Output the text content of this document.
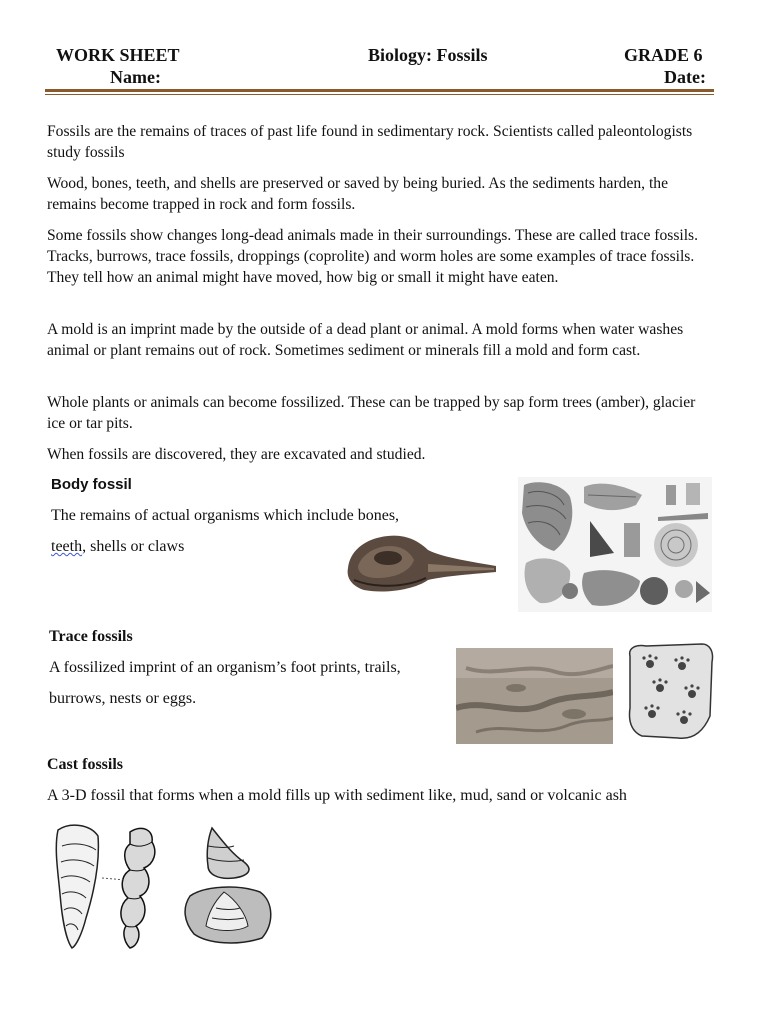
WORK SHEET	Biology: Fossils	GRADE 6
Name:	Date:
Fossils are the remains of traces of past life found in sedimentary rock. Scientists called paleontologists study fossils
Wood, bones, teeth, and shells are preserved or saved by being buried. As the sediments harden, the remains become trapped in rock and form fossils.
Some fossils show changes long-dead animals made in their surroundings. These are called trace fossils. Tracks, burrows, trace fossils, droppings (coprolite) and worm holes are some examples of trace fossils. They tell how an animal might have moved, how big or small it might have eaten.
A mold is an imprint made by the outside of a dead plant or animal. A mold forms when water washes animal or plant remains out of rock. Sometimes sediment or minerals fill a mold and form cast.
Whole plants or animals can become fossilized. These can be trapped by sap form trees (amber), glacier ice or tar pits.
When fossils are discovered, they are excavated and studied.
Body fossil
The remains of actual organisms which include bones,
teeth, shells or claws
Trace fossils
A fossilized imprint of an organism’s foot prints, trails,
burrows, nests or eggs.
Cast fossils
A 3-D fossil that forms when a mold fills up with sediment like, mud, sand or volcanic ash
